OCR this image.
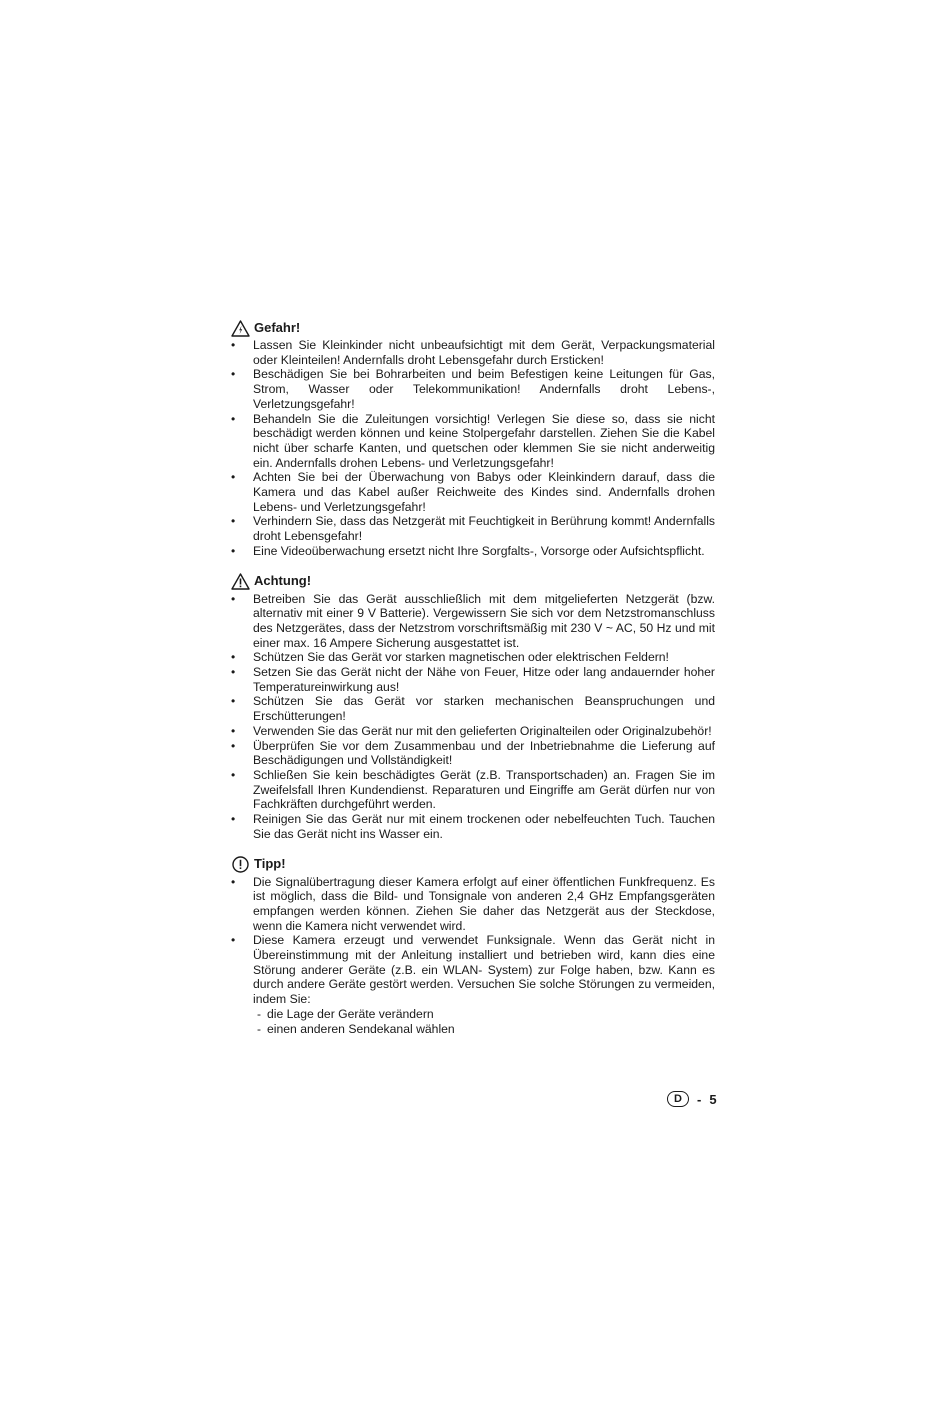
Gefahr!
• Lassen Sie Kleinkinder nicht unbeaufsichtigt mit dem Gerät, Verpackungsmaterial oder Kleinteilen! Andernfalls droht Lebensgefahr durch Ersticken!
• Beschädigen Sie bei Bohrarbeiten und beim Befestigen keine Leitungen für Gas, Strom, Wasser oder Telekommunikation! Andernfalls droht Lebens-, Verletzungsgefahr!
• Behandeln Sie die Zuleitungen vorsichtig! Verlegen Sie diese so, dass sie nicht beschädigt werden können und keine Stolpergefahr darstellen. Ziehen Sie die Kabel nicht über scharfe Kanten, und quetschen oder klemmen Sie sie nicht anderweitig ein. Andernfalls drohen Lebens- und Verletzungsgefahr!
• Achten Sie bei der Überwachung von Babys oder Kleinkindern darauf, dass die Kamera und das Kabel außer Reichweite des Kindes sind. Andernfalls drohen Lebens- und Verletzungsgefahr!
• Verhindern Sie, dass das Netzgerät mit Feuchtigkeit in Berührung kommt! Andernfalls droht Lebensgefahr!
• Eine Videoüberwachung ersetzt nicht Ihre Sorgfalts-, Vorsorge oder Aufsichtspflicht.
Achtung!
• Betreiben Sie das Gerät ausschließlich mit dem mitgelieferten Netzgerät (bzw. alternativ mit einer 9 V Batterie). Vergewissern Sie sich vor dem Netzstromanschluss des Netzgerätes, dass der Netzstrom vorschriftsmäßig mit 230 V ~ AC, 50 Hz und mit einer max. 16 Ampere Sicherung ausgestattet ist.
• Schützen Sie das Gerät vor starken magnetischen oder elektrischen Feldern!
• Setzen Sie das Gerät nicht der Nähe von Feuer, Hitze oder lang andauernder hoher Temperatureinwirkung aus!
• Schützen Sie das Gerät vor starken mechanischen Beanspruchungen und Erschütterungen!
• Verwenden Sie das Gerät nur mit den gelieferten Originalteilen oder Originalzubehör!
• Überprüfen Sie vor dem Zusammenbau und der Inbetriebnahme die Lieferung auf Beschädigungen und Vollständigkeit!
• Schließen Sie kein beschädigtes Gerät (z.B. Transportschaden) an. Fragen Sie im Zweifelsfall Ihren Kundendienst. Reparaturen und Eingriffe am Gerät dürfen nur von Fachkräften durchgeführt werden.
• Reinigen Sie das Gerät nur mit einem trockenen oder nebelfeuchten Tuch. Tauchen Sie das Gerät nicht ins Wasser ein.
Tipp!
• Die Signalübertragung dieser Kamera erfolgt auf einer öffentlichen Funkfrequenz. Es ist möglich, dass die Bild- und Tonsignale von anderen 2,4 GHz Empfangsgeräten empfangen werden können. Ziehen Sie daher das Netzgerät aus der Steckdose, wenn die Kamera nicht verwendet wird.
• Diese Kamera erzeugt und verwendet Funksignale. Wenn das Gerät nicht in Übereinstimmung mit der Anleitung installiert und betrieben wird, kann dies eine Störung anderer Geräte (z.B. ein WLAN- System) zur Folge haben, bzw. Kann es durch andere Geräte gestört werden. Versuchen Sie solche Störungen zu vermeiden, indem Sie:
- die Lage der Geräte verändern
- einen anderen Sendekanal wählen
D	- 5
